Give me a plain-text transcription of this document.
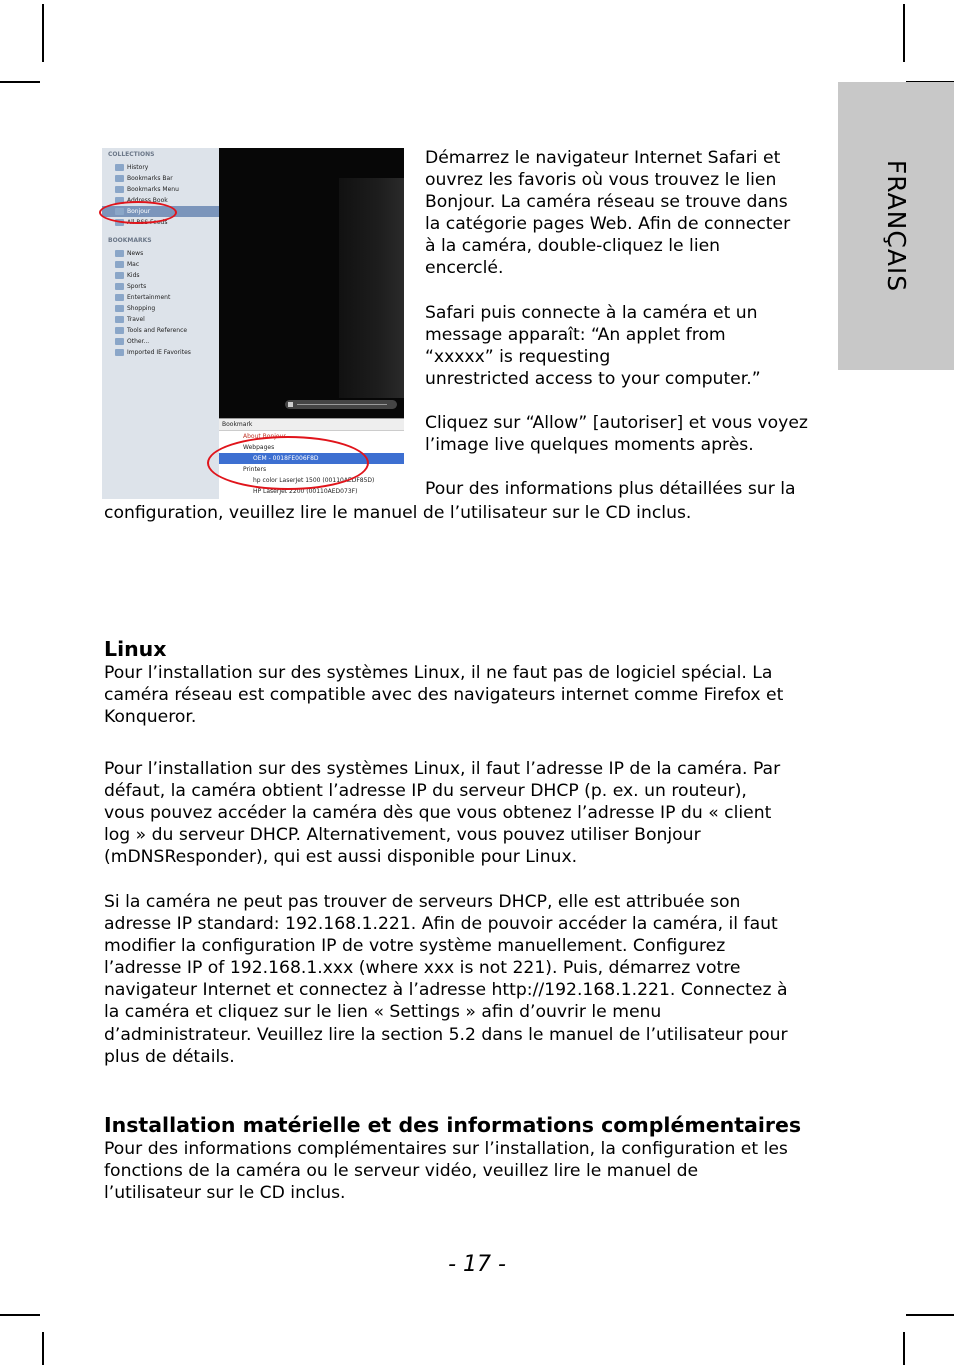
FRANÇAIS
COLLECTIONS
History
Bookmarks Bar
Bookmarks Menu
Address Book
Bonjour
All RSS Feeds
BOOKMARKS
News
Mac
Kids
Sports
Entertainment
Shopping
Travel
Tools and Reference
Other...
Imported IE Favorites
Bookmark
About Bonjour
Webpages
OEM - 0018FE006F8D
Printers
hp color LaserJet 1500 (00110AEDF85D)
HP LaserJet 2200 (00110AED073F)
Démarrez le navigateur Internet Safari et
ouvrez les favoris où vous trouvez le lien
Bonjour. La caméra réseau se trouve dans
la catégorie pages Web. Afin de connecter
à la caméra, double-cliquez le lien
encerclé.
Safari puis connecte à la caméra et un
message apparaît: “An applet from
“xxxxx” is requesting
unrestricted access to your computer.”
Cliquez sur “Allow” [autoriser] et vous voyez
l’image live quelques moments après.
Pour des informations plus détaillées sur la
configuration, veuillez lire le manuel de l’utilisateur sur le CD inclus.
Linux
Pour l’installation sur des systèmes Linux, il ne faut pas de logiciel spécial. La
caméra réseau est compatible avec des navigateurs internet comme Firefox et
Konqueror.
Pour l’installation sur des systèmes Linux, il faut l’adresse IP de la caméra. Par
défaut, la caméra obtient l’adresse IP du serveur DHCP (p. ex. un routeur),
vous pouvez accéder la caméra dès que vous obtenez l’adresse IP du « client
log » du serveur DHCP. Alternativement, vous pouvez utiliser Bonjour
(mDNSResponder), qui est aussi disponible pour Linux.
Si la caméra ne peut pas trouver de serveurs DHCP, elle est attribuée son
adresse IP standard: 192.168.1.221. Afin de pouvoir accéder la caméra, il faut
modifier la configuration IP de votre système manuellement. Configurez
l’adresse IP of 192.168.1.xxx (where xxx is not 221). Puis, démarrez votre
navigateur Internet et connectez à l’adresse http://192.168.1.221. Connectez à
la caméra et cliquez sur le lien « Settings » afin d’ouvrir le menu
d’administrateur. Veuillez lire la section 5.2 dans le manuel de l’utilisateur pour
plus de détails.
Installation matérielle et des informations complémentaires
Pour des informations complémentaires sur l’installation, la configuration et les
fonctions de la caméra ou le serveur vidéo, veuillez lire le manuel de
l’utilisateur sur le CD inclus.
- 17 -
